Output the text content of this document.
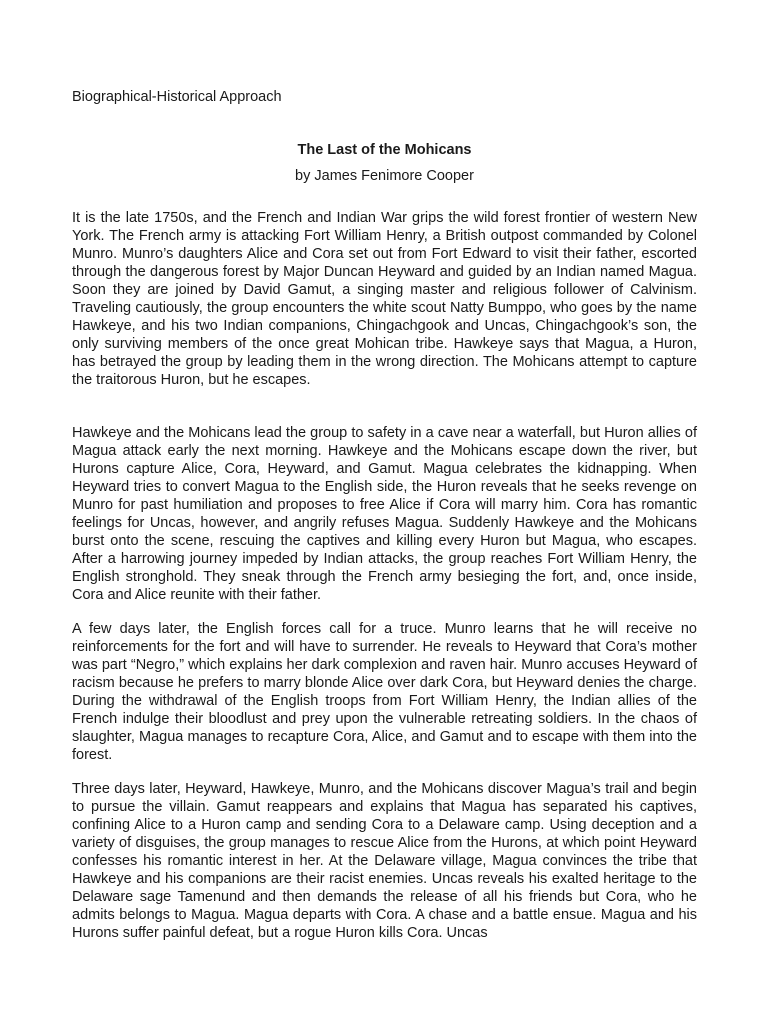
Biographical-Historical Approach

The Last of the Mohicans

by James Fenimore Cooper

It is the late 1750s, and the French and Indian War grips the wild forest frontier of western New York. The French army is attacking Fort William Henry, a British outpost commanded by Colonel Munro. Munro’s daughters Alice and Cora set out from Fort Edward to visit their father, escorted through the dangerous forest by Major Duncan Heyward and guided by an Indian named Magua. Soon they are joined by David Gamut, a singing master and religious follower of Calvinism. Traveling cautiously, the group encounters the white scout Natty Bumppo, who goes by the name Hawkeye, and his two Indian companions, Chingachgook and Uncas, Chingachgook’s son, the only surviving members of the once great Mohican tribe. Hawkeye says that Magua, a Huron, has betrayed the group by leading them in the wrong direction. The Mohicans attempt to capture the traitorous Huron, but he escapes.

Hawkeye and the Mohicans lead the group to safety in a cave near a waterfall, but Huron allies of Magua attack early the next morning. Hawkeye and the Mohicans escape down the river, but Hurons capture Alice, Cora, Heyward, and Gamut. Magua celebrates the kidnapping. When Heyward tries to convert Magua to the English side, the Huron reveals that he seeks revenge on Munro for past humiliation and proposes to free Alice if Cora will marry him. Cora has romantic feelings for Uncas, however, and angrily refuses Magua. Suddenly Hawkeye and the Mohicans burst onto the scene, rescuing the captives and killing every Huron but Magua, who escapes. After a harrowing journey impeded by Indian attacks, the group reaches Fort William Henry, the English stronghold. They sneak through the French army besieging the fort, and, once inside, Cora and Alice reunite with their father.

A few days later, the English forces call for a truce. Munro learns that he will receive no reinforcements for the fort and will have to surrender. He reveals to Heyward that Cora’s mother was part “Negro,” which explains her dark complexion and raven hair. Munro accuses Heyward of racism because he prefers to marry blonde Alice over dark Cora, but Heyward denies the charge. During the withdrawal of the English troops from Fort William Henry, the Indian allies of the French indulge their bloodlust and prey upon the vulnerable retreating soldiers. In the chaos of slaughter, Magua manages to recapture Cora, Alice, and Gamut and to escape with them into the forest.

Three days later, Heyward, Hawkeye, Munro, and the Mohicans discover Magua’s trail and begin to pursue the villain. Gamut reappears and explains that Magua has separated his captives, confining Alice to a Huron camp and sending Cora to a Delaware camp. Using deception and a variety of disguises, the group manages to rescue Alice from the Hurons, at which point Heyward confesses his romantic interest in her. At the Delaware village, Magua convinces the tribe that Hawkeye and his companions are their racist enemies. Uncas reveals his exalted heritage to the Delaware sage Tamenund and then demands the release of all his friends but Cora, who he admits belongs to Magua. Magua departs with Cora. A chase and a battle ensue. Magua and his Hurons suffer painful defeat, but a rogue Huron kills Cora. Uncas
